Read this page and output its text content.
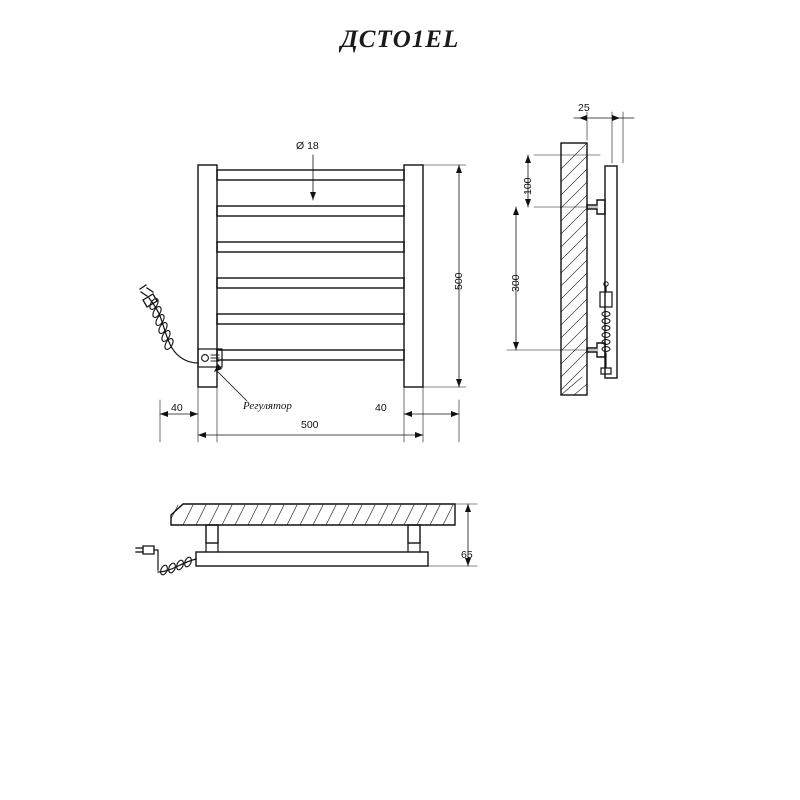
ДСТО1EL
Ø 18
500
500
40	40
Регулятор
25
100
300
65
